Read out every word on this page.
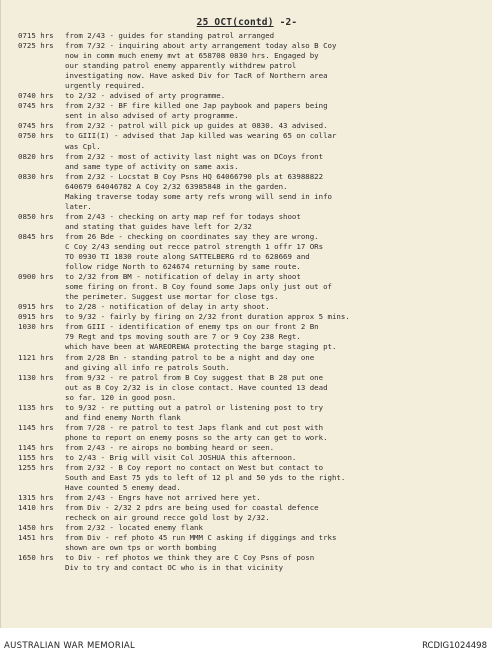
25 OCT(contd) -2-
0715 hrs	from 2/43 - guides for standing patrol arranged
0725 hrs	from 7/32 - inquiring about arty arrangement today also B Coy
now in comm much enemy mvt at 658708 0830 hrs. Engaged by
our standing patrol enemy apparently withdrew patrol
investigating now. Have asked Div for TacR of Northern area
urgently required.
0740 hrs	to 2/32 - advised of arty programme.
0745 hrs	from 2/32 - BF fire killed one Jap paybook and papers being
sent in also advised of arty programme.
0745 hrs	from 2/32 - patrol will pick up guides at 0830. 43 advised.
0750 hrs	to GIII(I) - advised that Jap killed was wearing 65 on collar
was Cpl.
0820 hrs	from 2/32 - most of activity last night was on DCoys front
and same type of activity on same axis.
0830 hrs	from 2/32 - Locstat B Coy Psns HQ 64066790 pls at 63988822
640679 64046782 A Coy 2/32 63985848 in the garden.
Making traverse today some arty refs wrong will send in info
later.
0850 hrs	from 2/43 - checking on arty map ref for todays shoot
and stating that guides have left for 2/32
0845 hrs	from 26 Bde - checking on coordinates say they are wrong.
C Coy 2/43 sending out recce patrol strength 1 offr 17 ORs
TO 0930 TI 1830 route along SATTELBERG rd to 628669 and
follow ridge North to 624674 returning by same route.
0900 hrs	to 2/32 from BM - notification of delay in arty shoot
some firing on front. B Coy found some Japs only just out of
the perimeter. Suggest use mortar for close tgs.
0915 hrs	to 2/28 - notification of delay in arty shoot.
0915 hrs	to 9/32 - fairly by firing on 2/32 front duration approx 5 mins.
1030 hrs	from GIII - identification of enemy tps on our front 2 Bn
79 Regt and tps moving south are 7 or 9 Coy 238 Regt.
which have been at WAREOREWA protecting the barge staging pt.
1121 hrs	from 2/28 Bn - standing patrol to be a night and day one
and giving all info re patrols South.
1130 hrs	from 9/32 - re patrol from B Coy suggest that B 28 put one
out as B Coy 2/32 is in close contact. Have counted 13 dead
so far. 120 in good posn.
1135 hrs	to 9/32 - re putting out a patrol or listening post to try
and find enemy North flank
1145 hrs	from 7/28 - re patrol to test Japs flank and cut post with
phone to report on enemy posns so the arty can get to work.
1145 hrs	from 2/43 - re airops no bombing heard or seen.
1155 hrs	to 2/43 - Brig will visit Col JOSHUA this afternoon.
1255 hrs	from 2/32 - B Coy report no contact on West but contact to
South and East 75 yds to left of 12 pl and 50 yds to the right.
Have counted 5 enemy dead.
1315 hrs	from 2/43 - Engrs have not arrived here yet.
1410 hrs	from Div - 2/32 2 pdrs are being used for coastal defence
recheck on air ground recce gold lost by 2/32.
1450 hrs	from 2/32 - located enemy flank
1451 hrs	from Div - ref photo 45 run MMM C asking if diggings and trks
shown are own tps or worth bombing
1650 hrs	to Div - ref photos we think they are C Coy Psns of posn
Div to try and contact OC who is in that vicinity
AUSTRALIAN WAR MEMORIAL	RCDIG1024498
